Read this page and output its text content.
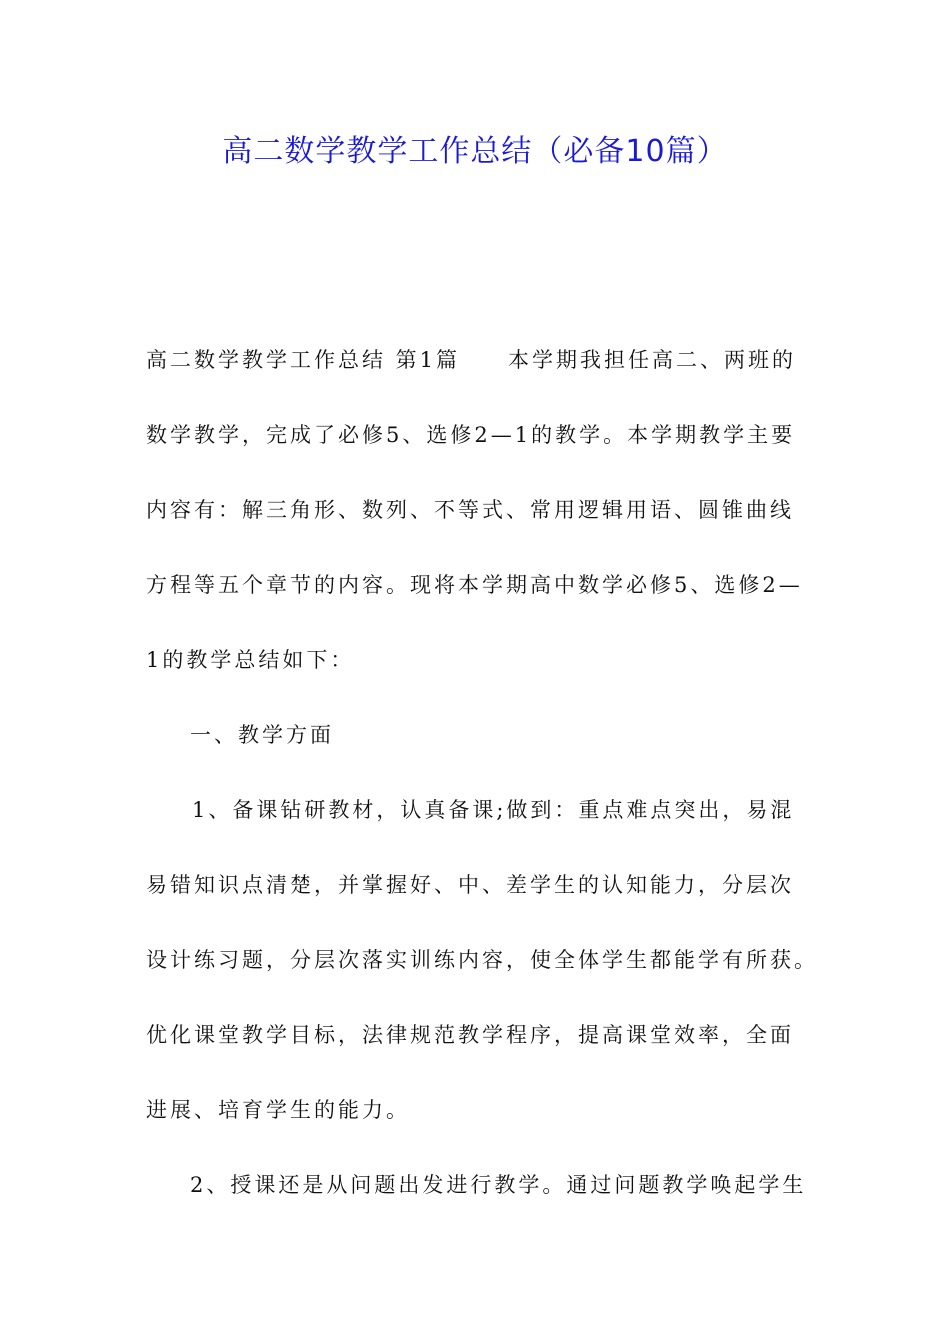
高二数学教学工作总结（必备10篇）
高二数学教学工作总结 第1篇　　本学期我担任高二、两班的
数学教学，完成了必修5、选修2—1的教学。本学期教学主要
内容有：解三角形、数列、不等式、常用逻辑用语、圆锥曲线
方程等五个章节的内容。现将本学期高中数学必修5、选修2—
1的教学总结如下：
一、教学方面
1、备课钻研教材，认真备课;做到：重点难点突出，易混
易错知识点清楚，并掌握好、中、差学生的认知能力，分层次
设计练习题，分层次落实训练内容，使全体学生都能学有所获。
优化课堂教学目标，法律规范教学程序，提高课堂效率，全面
进展、培育学生的能力。
2、授课还是从问题出发进行教学。通过问题教学唤起学生
